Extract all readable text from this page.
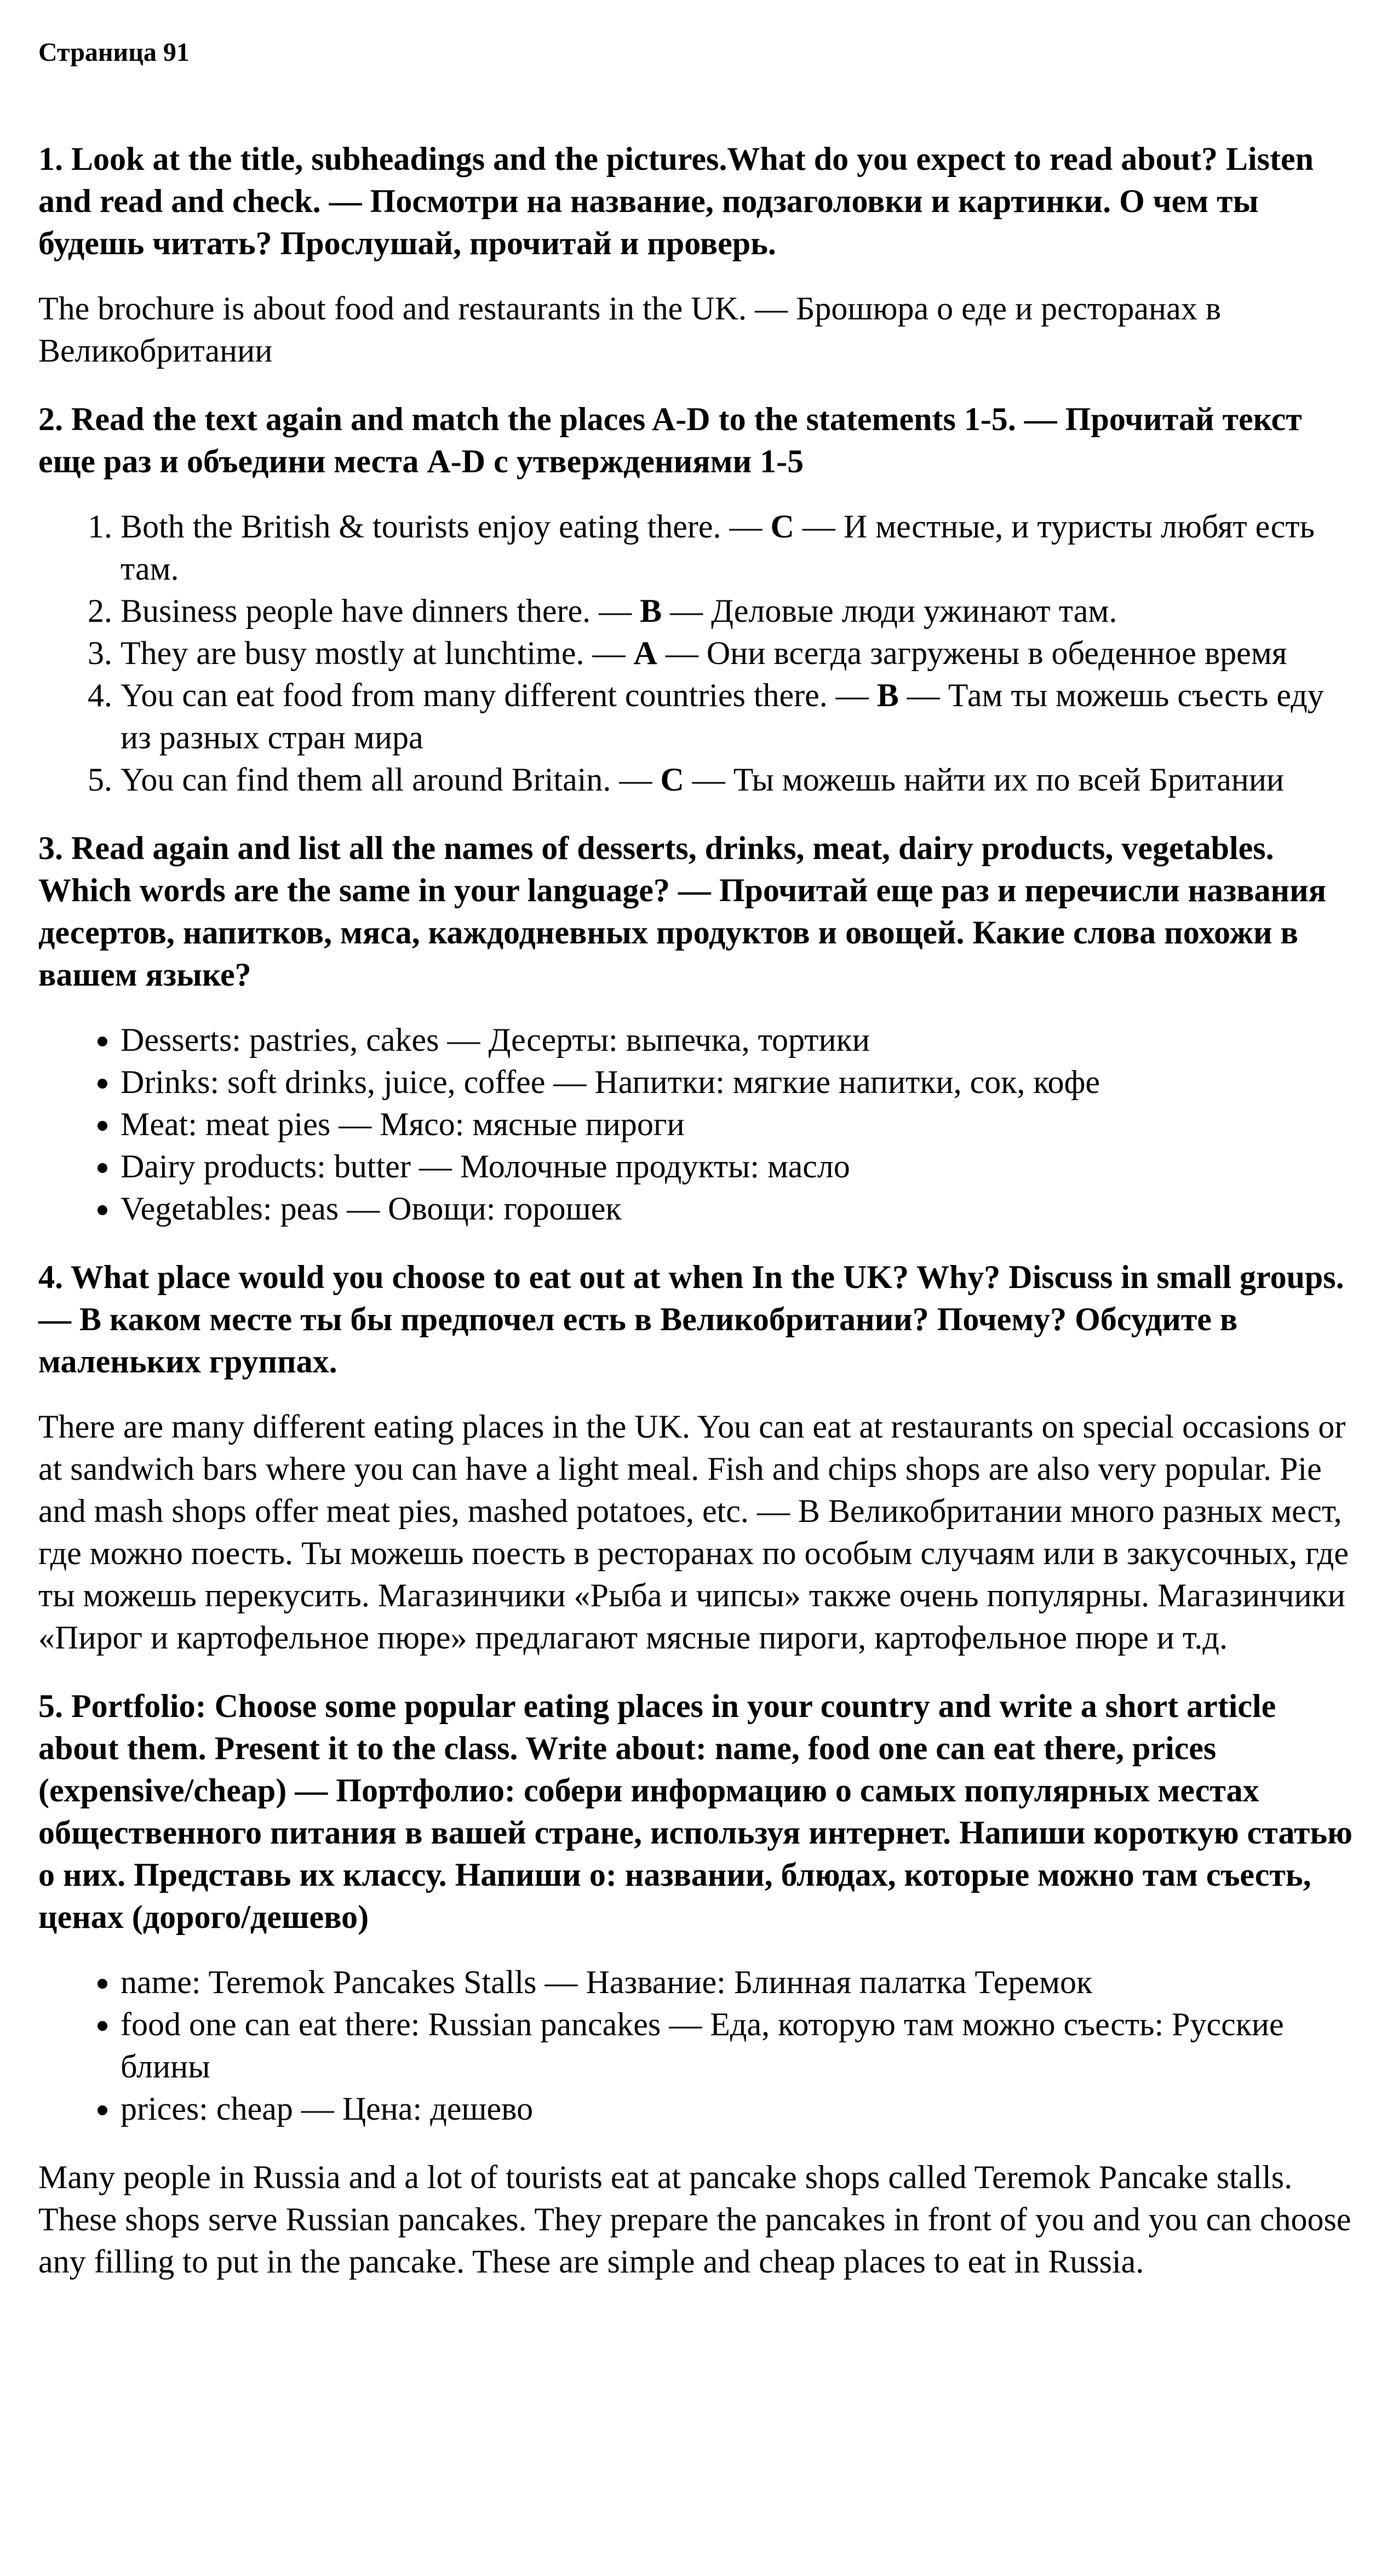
Страница 91
1. Look at the title, subheadings and the pictures.What do you expect to read about? Listen and read and check. — Посмотри на название, подзаголовки и картинки. О чем ты будешь читать? Прослушай, прочитай и проверь.

The brochure is about food and restaurants in the UK. — Брошюра о еде и ресторанах в Великобритании

2. Read the text again and match the places A-D to the statements 1-5. — Прочитай текст еще раз и объедини места A-D с утверждениями 1-5
1. Both the British & tourists enjoy eating there. — C — И местные, и туристы любят есть там.
2. Business people have dinners there. — B — Деловые люди ужинают там.
3. They are busy mostly at lunchtime. — A — Они всегда загружены в обеденное время
4. You can eat food from many different countries there. — B — Там ты можешь съесть еду из разных стран мира
5. You can find them all around Britain. — C — Ты можешь найти их по всей Британии
3. Read again and list all the names of desserts, drinks, meat, dairy products, vegetables. Which words are the same in your language? — Прочитай еще раз и перечисли названия десертов, напитков, мяса, каждодневных продуктов и овощей. Какие слова похожи в вашем языке?
• Desserts: pastries, cakes — Десерты: выпечка, тортики
• Drinks: soft drinks, juice, coffee — Напитки: мягкие напитки, сок, кофе
• Meat: meat pies — Мясо: мясные пироги
• Dairy products: butter — Молочные продукты: масло
• Vegetables: peas — Овощи: горошек
4. What place would you choose to eat out at when In the UK? Why? Discuss in small groups. — В каком месте ты бы предпочел есть в Великобритании? Почему? Обсудите в маленьких группах.

There are many different eating places in the UK. You can eat at restaurants on special occasions or at sandwich bars where you can have a light meal. Fish and chips shops are also very popular. Pie and mash shops offer meat pies, mashed potatoes, etc. — В Великобритании много разных мест, где можно поесть. Ты можешь поесть в ресторанах по особым случаям или в закусочных, где ты можешь перекусить. Магазинчики «Рыба и чипсы» также очень популярны. Магазинчики «Пирог и картофельное пюре» предлагают мясные пироги, картофельное пюре и т.д.

5. Portfolio: Choose some popular eating places in your country and write a short article about them. Present it to the class. Write about: name, food one can eat there, prices (expensive/cheap) — Портфолио: собери информацию о самых популярных местах общественного питания в вашей стране, используя интернет. Напиши короткую статью о них. Представь их классу. Напиши о: названии, блюдах, которые можно там съесть, ценах (дорого/дешево)
• name: Teremok Pancakes Stalls — Название: Блинная палатка Теремок
• food one can eat there: Russian pancakes — Еда, которую там можно съесть: Русские блины
• prices: cheap — Цена: дешево

Many people in Russia and a lot of tourists eat at pancake shops called Teremok Pancake stalls. These shops serve Russian pancakes. They prepare the pancakes in front of you and you can choose any filling to put in the pancake. These are simple and cheap places to eat in Russia.
